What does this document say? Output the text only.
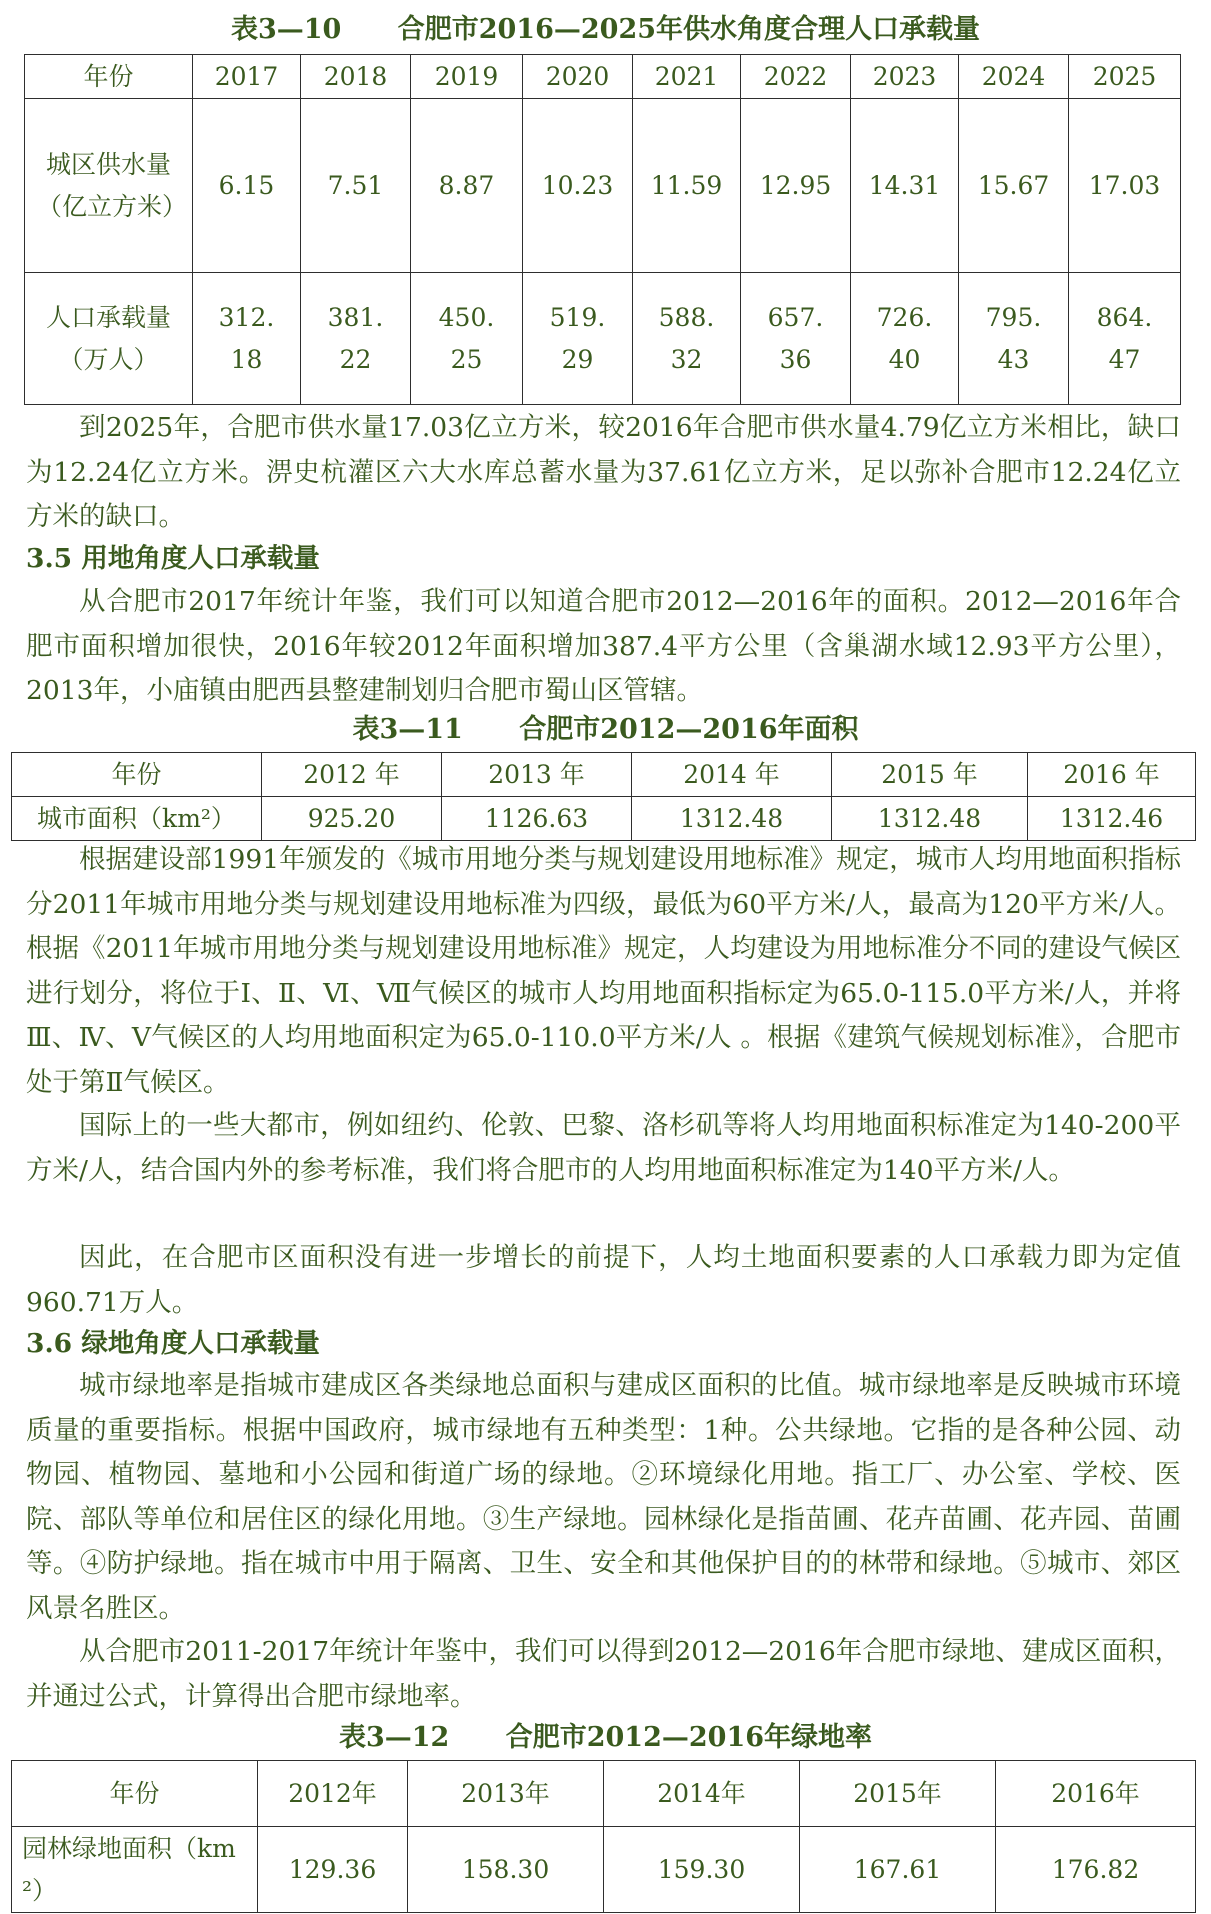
表3—10      合肥市2016—2025年供水角度合理人口承载量
年份	2017	2018	2019	2020	2021	2022	2023	2024	2025
城区供水量（亿立方米）	6.15	7.51	8.87	10.23	11.59	12.95	14.31	15.67	17.03
人口承载量（万人）	312.18	381.22	450.25	519.29	588.32	657.36	726.40	795.43	864.47

到2025年，合肥市供水量17.03亿立方米，较2016年合肥市供水量4.79亿立方米相比，缺口为12.24亿立方米。淠史杭灌区六大水库总蓄水量为37.61亿立方米，足以弥补合肥市12.24亿立方米的缺口。

3.5 用地角度人口承载量

从合肥市2017年统计年鉴，我们可以知道合肥市2012—2016年的面积。2012—2016年合肥市面积增加很快，2016年较2012年面积增加387.4平方公里（含巢湖水域12.93平方公里），2013年，小庙镇由肥西县整建制划归合肥市蜀山区管辖。

表3—11      合肥市2012—2016年面积
年份	2012 年	2013 年	2014 年	2015 年	2016 年
城市面积（km²）	925.20	1126.63	1312.48	1312.48	1312.46

根据建设部1991年颁发的《城市用地分类与规划建设用地标准》规定，城市人均用地面积指标分2011年城市用地分类与规划建设用地标准为四级，最低为60平方米/人，最高为120平方米/人。根据《2011年城市用地分类与规划建设用地标准》规定，人均建设为用地标准分不同的建设气候区进行划分，将位于Ⅰ、Ⅱ、Ⅵ、Ⅶ气候区的城市人均用地面积指标定为65.0-115.0平方米/人，并将Ⅲ、Ⅳ、Ⅴ气候区的人均用地面积定为65.0-110.0平方米/人 。根据《建筑气候规划标准》，合肥市处于第Ⅱ气候区。

国际上的一些大都市，例如纽约、伦敦、巴黎、洛杉矶等将人均用地面积标准定为140-200平方米/人，结合国内外的参考标准，我们将合肥市的人均用地面积标准定为140平方米/人。

因此，在合肥市区面积没有进一步增长的前提下，人均土地面积要素的人口承载力即为定值960.71万人。

3.6 绿地角度人口承载量

城市绿地率是指城市建成区各类绿地总面积与建成区面积的比值。城市绿地率是反映城市环境质量的重要指标。根据中国政府，城市绿地有五种类型：1种。公共绿地。它指的是各种公园、动物园、植物园、墓地和小公园和街道广场的绿地。②环境绿化用地。指工厂、办公室、学校、医院、部队等单位和居住区的绿化用地。③生产绿地。园林绿化是指苗圃、花卉苗圃、花卉园、苗圃等。④防护绿地。指在城市中用于隔离、卫生、安全和其他保护目的的林带和绿地。⑤城市、郊区风景名胜区。

从合肥市2011-2017年统计年鉴中，我们可以得到2012—2016年合肥市绿地、建成区面积，并通过公式，计算得出合肥市绿地率。

表3—12      合肥市2012—2016年绿地率
年份	2012年	2013年	2014年	2015年	2016年
园林绿地面积（km²）	129.36	158.30	159.30	167.61	176.82
